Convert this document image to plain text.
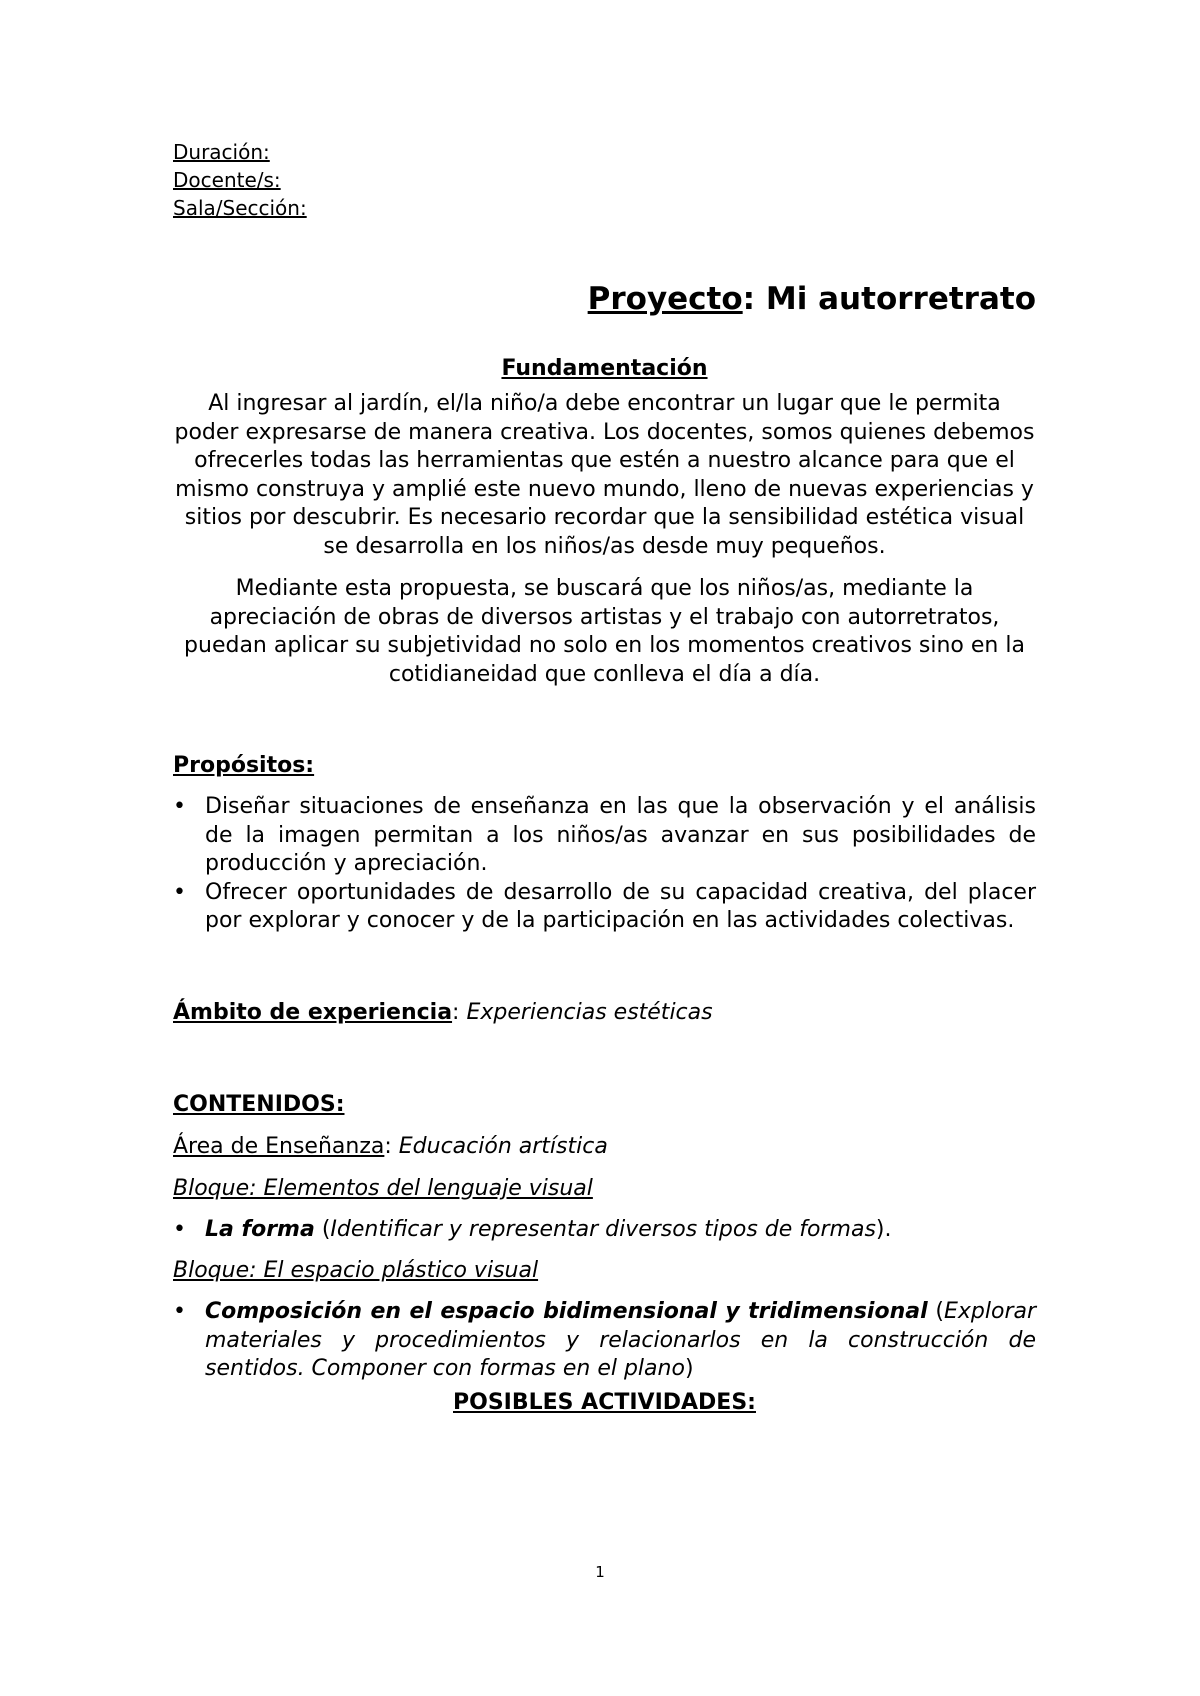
Duración:

Docente/s:

Sala/Sección:

Proyecto: Mi autorretrato
Fundamentación

Al ingresar al jardín, el/la niño/a debe encontrar un lugar que le permita poder expresarse de manera creativa. Los docentes, somos quienes debemos ofrecerles todas las herramientas que estén a nuestro alcance para que el mismo construya y amplié este nuevo mundo, lleno de nuevas experiencias y sitios por descubrir. Es necesario recordar que la sensibilidad estética visual se desarrolla en los niños/as desde muy pequeños.

Mediante esta propuesta, se buscará que los niños/as, mediante la apreciación de obras de diversos artistas y el trabajo con autorretratos, puedan aplicar su subjetividad no solo en los momentos creativos sino en la cotidianeidad que conlleva el día a día.

Propósitos:
• Diseñar situaciones de enseñanza en las que la observación y el análisis de la imagen permitan a los niños/as avanzar en sus posibilidades de producción y apreciación.
• Ofrecer oportunidades de desarrollo de su capacidad creativa, del placer por explorar y conocer y de la participación en las actividades colectivas.
Ámbito de experiencia: Experiencias estéticas
CONTENIDOS:
Área de Enseñanza: Educación artística
Bloque: Elementos del lenguaje visual
• La forma (Identificar y representar diversos tipos de formas).
Bloque: El espacio plástico visual
• Composición en el espacio bidimensional y tridimensional (Explorar materiales y procedimientos y relacionarlos en la construcción de sentidos. Componer con formas en el plano)
POSIBLES ACTIVIDADES:
1
